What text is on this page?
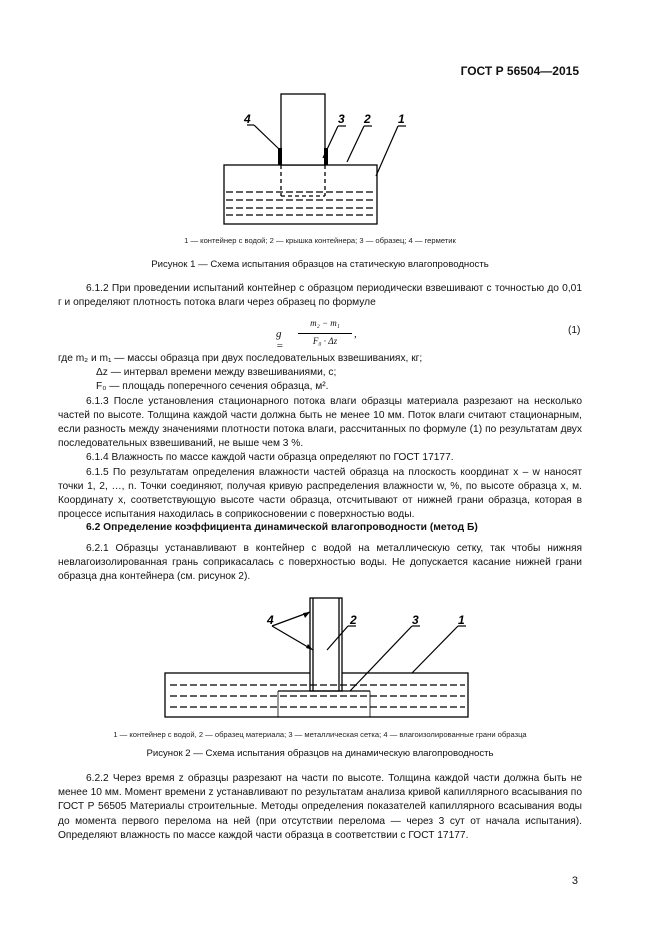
ГОСТ Р 56504—2015
4	3 2 1
1 — контейнер с водой; 2 — крышка контейнера; 3 — образец; 4 — герметик
Рисунок 1 — Схема испытания образцов на статическую влагопроводность

6.1.2 При проведении испытаний контейнер с образцом периодически взвешивают с точностью до 0,01 г и определяют плотность потока влаги через образец по формуле

g =
m₂ − m₁
F₀ · Δz
,	(1)

где m₂ и m₁ — массы образца при двух последовательных взвешиваниях, кг;

Δz — интервал времени между взвешиваниями, с;

F₀ — площадь поперечного сечения образца, м².

6.1.3 После установления стационарного потока влаги образцы материала разрезают на несколько частей по высоте. Толщина каждой части должна быть не менее 10 мм. Поток влаги считают стационарным, если разность между значениями плотности потока влаги, рассчитанных по формуле (1) по результатам двух последовательных взвешиваний, не выше чем 3 %.

6.1.4 Влажность по массе каждой части образца определяют по ГОСТ 17177.

6.1.5 По результатам определения влажности частей образца на плоскость координат x – w наносят точки 1, 2, …, n. Точки соединяют, получая кривую распределения влажности w, %, по высоте образца x, м. Координату x, соответствующую высоте части образца, отсчитывают от нижней грани образца, которая в процессе испытания находилась в соприкосновении с поверхностью воды.

6.2 Определение коэффициента динамической влагопроводности (метод Б)

6.2.1 Образцы устанавливают в контейнер с водой на металлическую сетку, так чтобы нижняя невлагоизолированная грань соприкасалась с поверхностью воды. Не допускается касание нижней грани образца дна контейнера (см. рисунок 2).

4	2	3	1
1 — контейнер с водой, 2 — образец материала; 3 — металлическая сетка; 4 — влагоизолированные грани образца
Рисунок 2 — Схема испытания образцов на динамическую влагопроводность

6.2.2 Через время z образцы разрезают на части по высоте. Толщина каждой части должна быть не менее 10 мм. Момент времени z устанавливают по результатам анализа кривой капиллярного всасывания по ГОСТ Р 56505 Материалы строительные. Методы определения показателей капиллярного всасывания воды до момента первого перелома на ней (при отсутствии перелома — через 3 сут от начала испытания). Определяют влажность по массе каждой части образца в соответствии с ГОСТ 17177.

3
